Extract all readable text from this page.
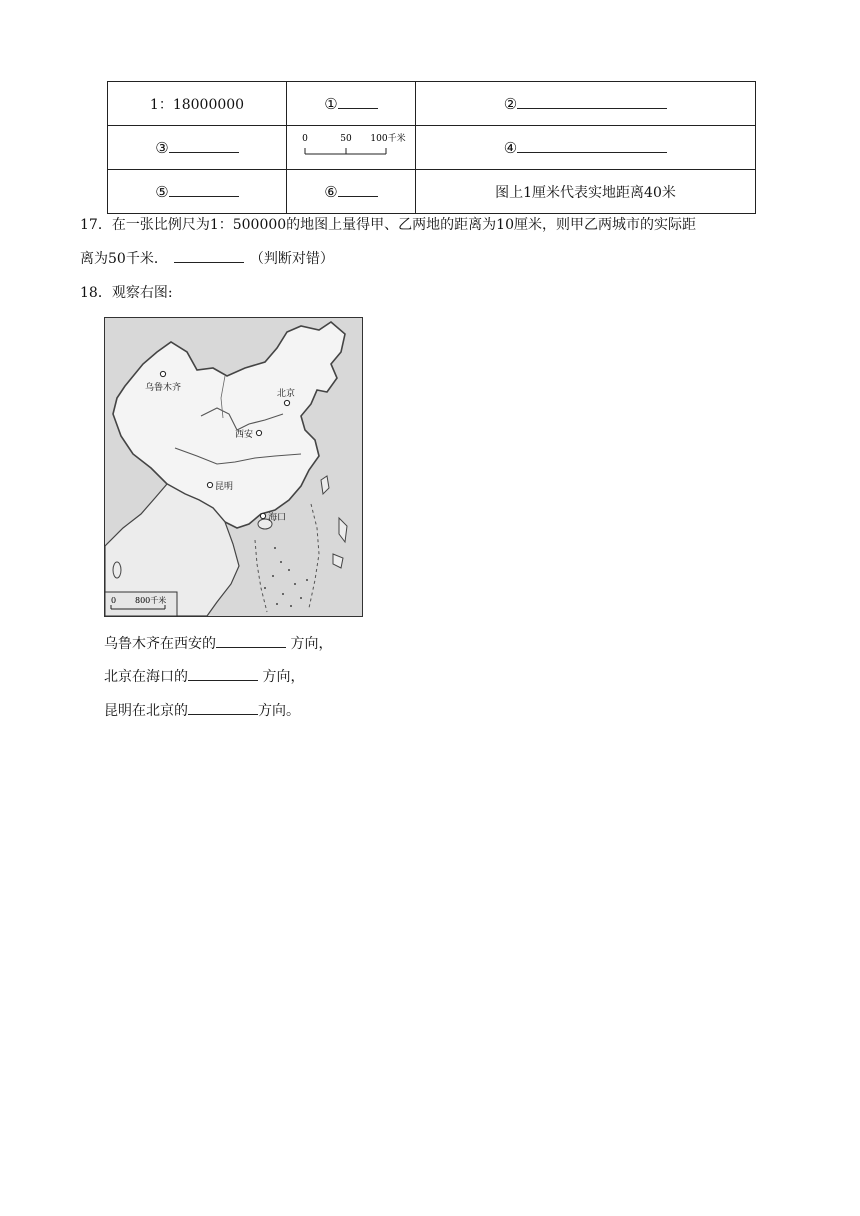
1：18000000	①	②
③	0 50 100千米	④
⑤	⑥	图上1厘米代表实地距离40米
17．在一张比例尺为1：500000的地图上量得甲、乙两地的距离为10厘米，则甲乙两城市的实际距
离为50千米．	（判断对错）
18．观察右图:
乌鲁木齐
北京
西安
昆明
海口
0 800千米
乌鲁木齐在西安的	方向，
北京在海口的	方向，
昆明在北京的	方向。
